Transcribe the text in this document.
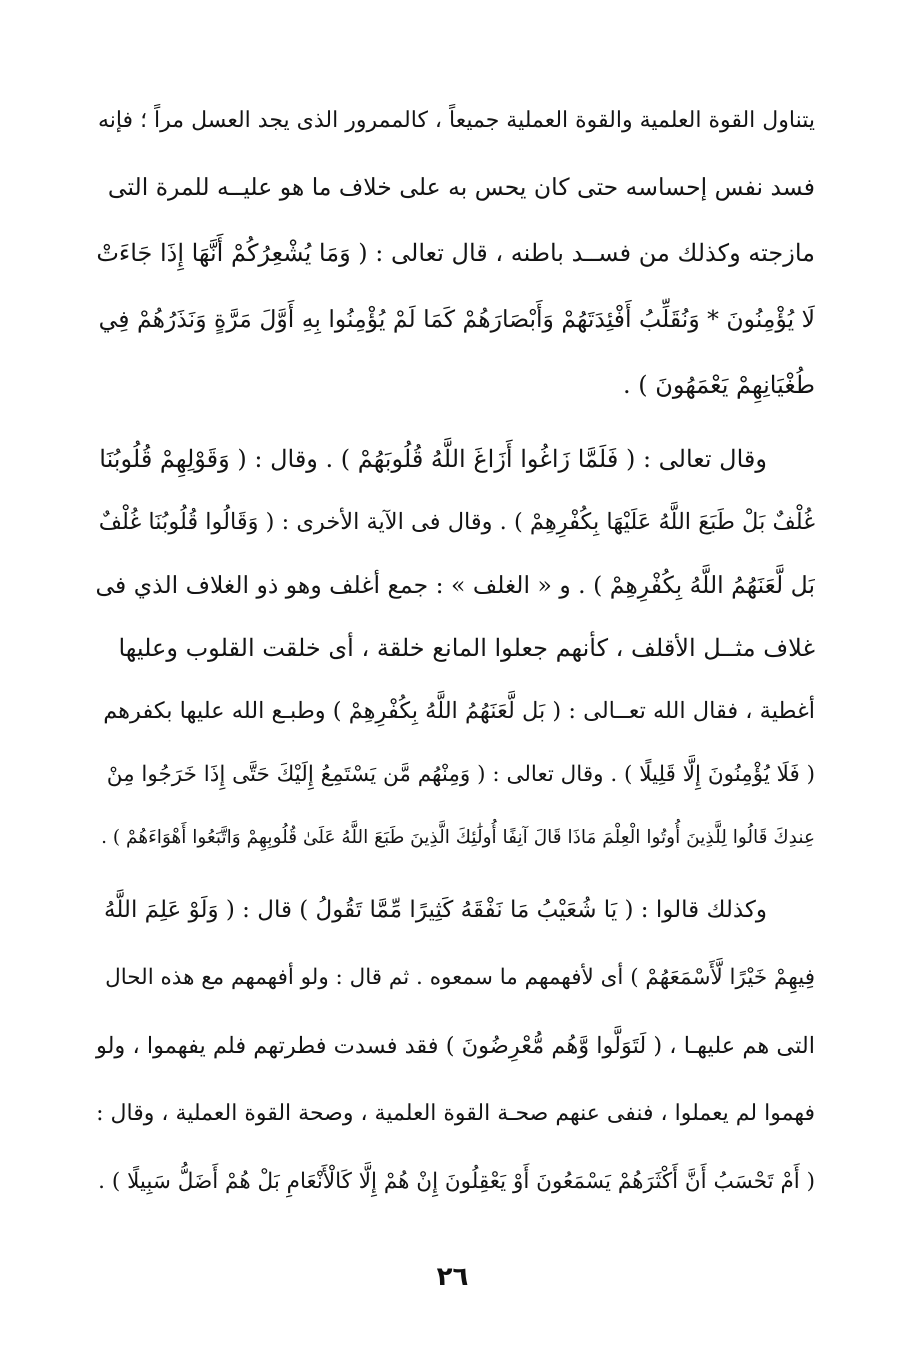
يتناول القوة العلمية والقوة العملية جميعاً ، كالممرور الذى يجد العسل مراً ؛ فإنه
فسد نفس إحساسه حتى كان يحس به على خلاف ما هو عليــه للمرة التى
مازجته وكذلك من فســد باطنه ، قال تعالى : ( وَمَا يُشْعِرُكُمْ أَنَّهَا إِذَا جَاءَتْ
لَا يُؤْمِنُونَ * وَنُقَلِّبُ أَفْئِدَتَهُمْ وَأَبْصَارَهُمْ كَمَا لَمْ يُؤْمِنُوا بِهِ أَوَّلَ مَرَّةٍ وَنَذَرُهُمْ فِي
طُغْيَانِهِمْ يَعْمَهُونَ ) .
وقال تعالى : ( فَلَمَّا زَاغُوا أَزَاغَ اللَّهُ قُلُوبَهُمْ ) . وقال : ( وَقَوْلِهِمْ قُلُوبُنَا
غُلْفٌ بَلْ طَبَعَ اللَّهُ عَلَيْهَا بِكُفْرِهِمْ ) . وقال فى الآية الأخرى : ( وَقَالُوا قُلُوبُنَا غُلْفٌ
بَل لَّعَنَهُمُ اللَّهُ بِكُفْرِهِمْ ) . و « الغلف » : جمع أغلف وهو ذو الغلاف الذي فى
غلاف مثــل الأقلف ، كأنهم جعلوا المانع خلقة ، أى خلقت القلوب وعليها
أغطية ، فقال الله تعــالى : ( بَل لَّعَنَهُمُ اللَّهُ بِكُفْرِهِمْ ) وطبـع الله عليها بكفرهم
( فَلَا يُؤْمِنُونَ إِلَّا قَلِيلًا ) . وقال تعالى : ( وَمِنْهُم مَّن يَسْتَمِعُ إِلَيْكَ حَتَّى إِذَا خَرَجُوا مِنْ
عِندِكَ قَالُوا لِلَّذِينَ أُوتُوا الْعِلْمَ مَاذَا قَالَ آنِفًا أُولَٰئِكَ الَّذِينَ طَبَعَ اللَّهُ عَلَىٰ قُلُوبِهِمْ وَاتَّبَعُوا أَهْوَاءَهُمْ ) .
وكذلك قالوا : ( يَا شُعَيْبُ مَا نَفْقَهُ كَثِيرًا مِّمَّا تَقُولُ ) قال : ( وَلَوْ عَلِمَ اللَّهُ
فِيهِمْ خَيْرًا لَّأَسْمَعَهُمْ ) أى لأفهمهم ما سمعوه . ثم قال : ولو أفهمهم مع هذه الحال
التى هم عليهـا ، ( لَتَوَلَّوا وَّهُم مُّعْرِضُونَ ) فقد فسدت فطرتهم فلم يفهموا ، ولو
فهموا لم يعملوا ، فنفى عنهم صحـة القوة العلمية ، وصحة القوة العملية ، وقال :
( أَمْ تَحْسَبُ أَنَّ أَكْثَرَهُمْ يَسْمَعُونَ أَوْ يَعْقِلُونَ إِنْ هُمْ إِلَّا كَالْأَنْعَامِ بَلْ هُمْ أَضَلُّ سَبِيلًا ) .
٢٦
